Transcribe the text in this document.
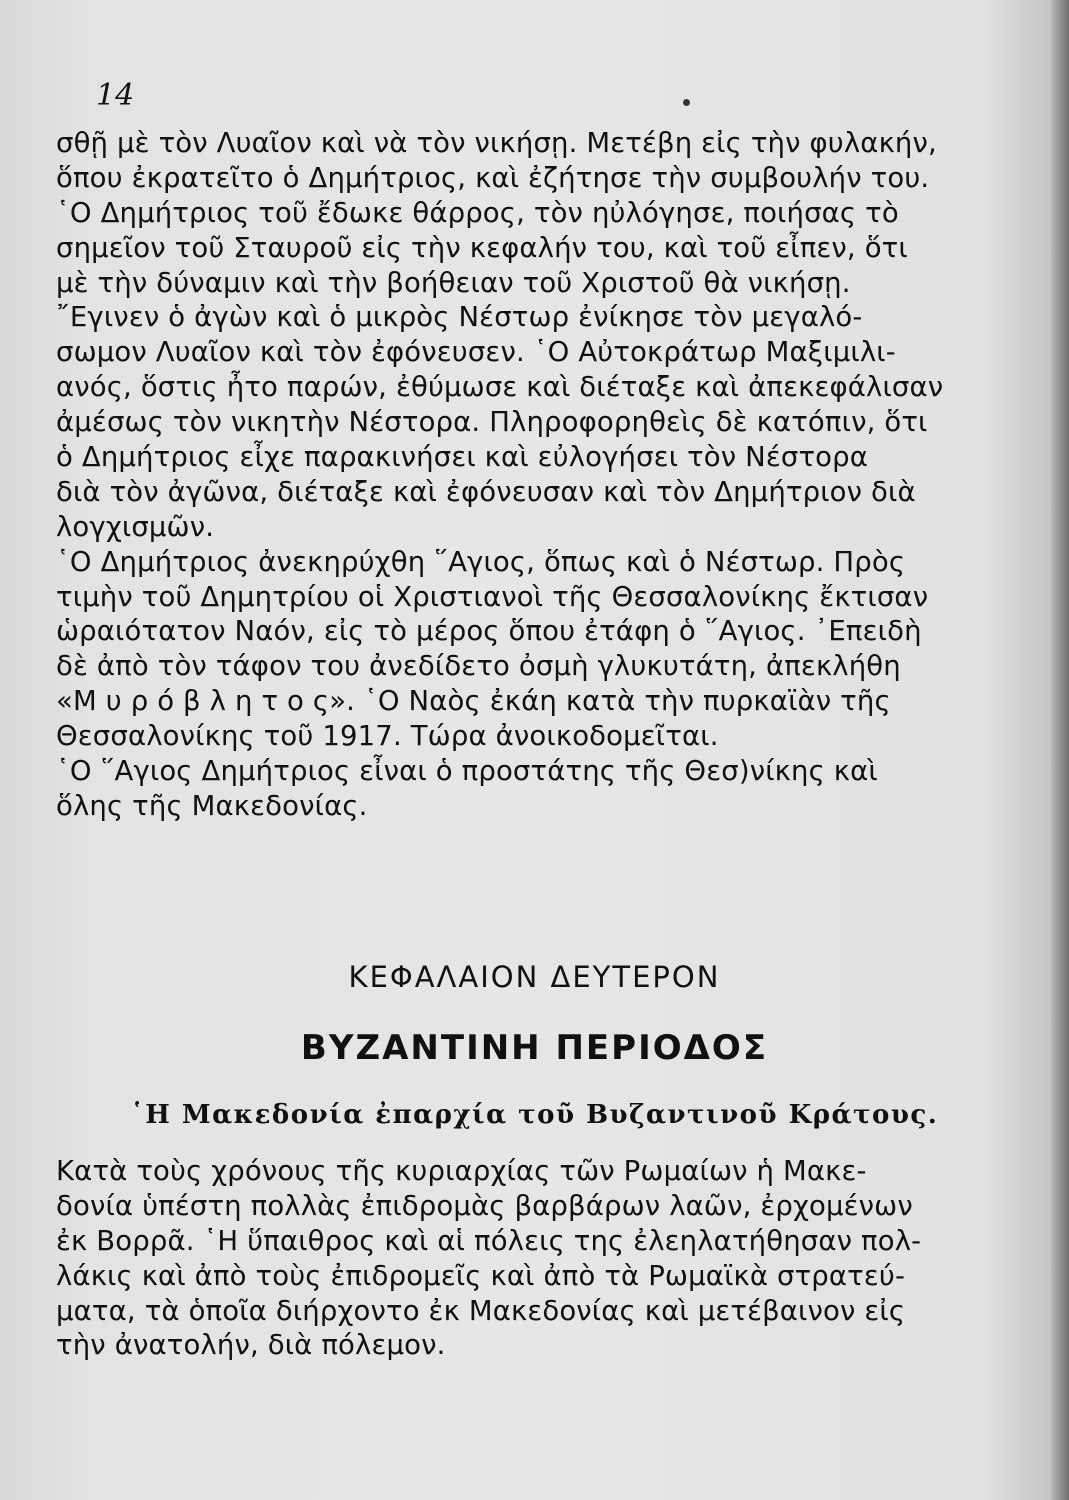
14
σθῇ μὲ τὸν Λυαῖον καὶ νὰ τὸν νικήσῃ. Μετέβη εἰς τὴν φυλακήν,
ὅπου ἐκρατεῖτο ὁ Δημήτριος, καὶ ἐζήτησε τὴν συμβουλήν του.
῾Ο Δημήτριος τοῦ ἔδωκε θάρρος, τὸν ηὐλόγησε, ποιήσας τὸ
σημεῖον τοῦ Σταυροῦ εἰς τὴν κεφαλήν του, καὶ τοῦ εἶπεν, ὅτι
μὲ τὴν δύναμιν καὶ τὴν βοήθειαν τοῦ Χριστοῦ θὰ νικήσῃ.
῎Εγινεν ὁ ἀγὼν καὶ ὁ μικρὸς Νέστωρ ἐνίκησε τὸν μεγαλό-
σωμον Λυαῖον καὶ τὸν ἐφόνευσεν. ῾Ο Αὐτοκράτωρ Μαξιμιλι-
ανός, ὅστις ἦτο παρών, ἐθύμωσε καὶ διέταξε καὶ ἀπεκεφάλισαν
ἀμέσως τὸν νικητὴν Νέστορα. Πληροφορηθεὶς δὲ κατόπιν, ὅτι
ὁ Δημήτριος εἶχε παρακινήσει καὶ εὐλογήσει τὸν Νέστορα
διὰ τὸν ἀγῶνα, διέταξε καὶ ἐφόνευσαν καὶ τὸν Δημήτριον διὰ
λογχισμῶν.
῾Ο Δημήτριος ἀνεκηρύχθη ῞Αγιος, ὅπως καὶ ὁ Νέστωρ. Πρὸς
τιμὴν τοῦ Δημητρίου οἱ Χριστιανοὶ τῆς Θεσσαλονίκης ἔκτισαν
ὡραιότατον Ναόν, εἰς τὸ μέρος ὅπου ἐτάφη ὁ ῞Αγιος. ᾿Επειδὴ
δὲ ἀπὸ τὸν τάφον του ἀνεδίδετο ὀσμὴ γλυκυτάτη, ἀπεκλήθη
«Μ υ ρ ό β λ η τ ο ς». ῾Ο Ναὸς ἐκάη κατὰ τὴν πυρκαϊὰν τῆς
Θεσσαλονίκης τοῦ 1917. Τώρα ἀνοικοδομεῖται.
῾Ο ῞Αγιος Δημήτριος εἶναι ὁ προστάτης τῆς Θεσ)νίκης καὶ
ὅλης τῆς Μακεδονίας.
ΚΕΦΑΛΑΙΟΝ ΔΕΥΤΕΡΟΝ
ΒΥΖΑΝΤΙΝΗ ΠΕΡΙΟΔΟΣ
῾Η Μακεδονία ἐπαρχία τοῦ Βυζαντινοῦ Κράτους.
Κατὰ τοὺς χρόνους τῆς κυριαρχίας τῶν Ρωμαίων ἡ Μακε-
δονία ὑπέστη πολλὰς ἐπιδρομὰς βαρβάρων λαῶν, ἐρχομένων
ἐκ Βορρᾶ. ῾Η ὕπαιθρος καὶ αἱ πόλεις της ἐλεηλατήθησαν πολ-
λάκις καὶ ἀπὸ τοὺς ἐπιδρομεῖς καὶ ἀπὸ τὰ Ρωμαϊκὰ στρατεύ-
ματα, τὰ ὁποῖα διήρχοντο ἐκ Μακεδονίας καὶ μετέβαινον εἰς
τὴν ἀνατολήν, διὰ πόλεμον.
